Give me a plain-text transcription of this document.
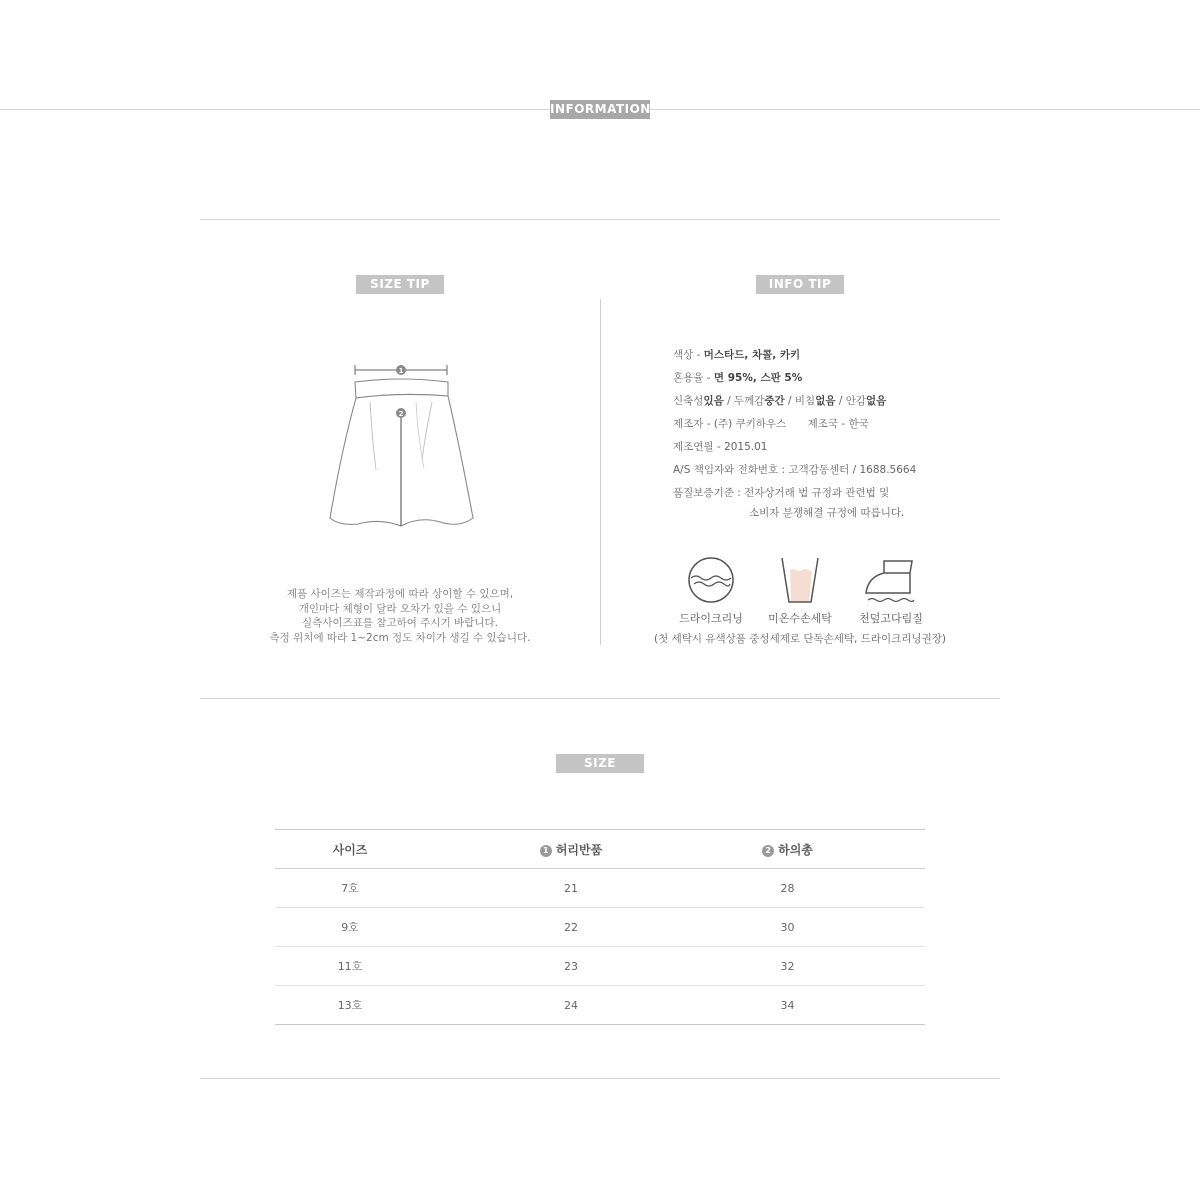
INFORMATION
SIZE TIP
1
2
제품 사이즈는 제작과정에 따라 상이할 수 있으며,
개인마다 체형이 달라 오차가 있을 수 있으니
실측사이즈표를 참고하여 주시기 바랍니다.
측정 위치에 따라 1~2cm 정도 차이가 생길 수 있습니다.
INFO TIP
색상 - 머스타드, 차콜, 카키
혼용율 - 면 95%, 스판 5%
신축성있음 / 두께감중간 / 비침없음 / 안감없음
제조자 - (주) 쿠키하우스 제조국 - 한국
제조연월 - 2015.01
A/S 책임자와 전화번호 : 고객감동센터 / 1688.5664
품질보증기준 : 전자상거래 법 규정과 관련법 및
소비자 분쟁해결 규정에 따릅니다.
드라이크리닝	미온수손세탁	천덮고다림질
(첫 세탁시 유색상품 중성세제로 단독손세탁, 드라이크리닝권장)
SIZE
사이즈	1 허리반품	2 하의총	
7호	21	28	
9호	22	30	
11호	23	32	
13호	24	34	
